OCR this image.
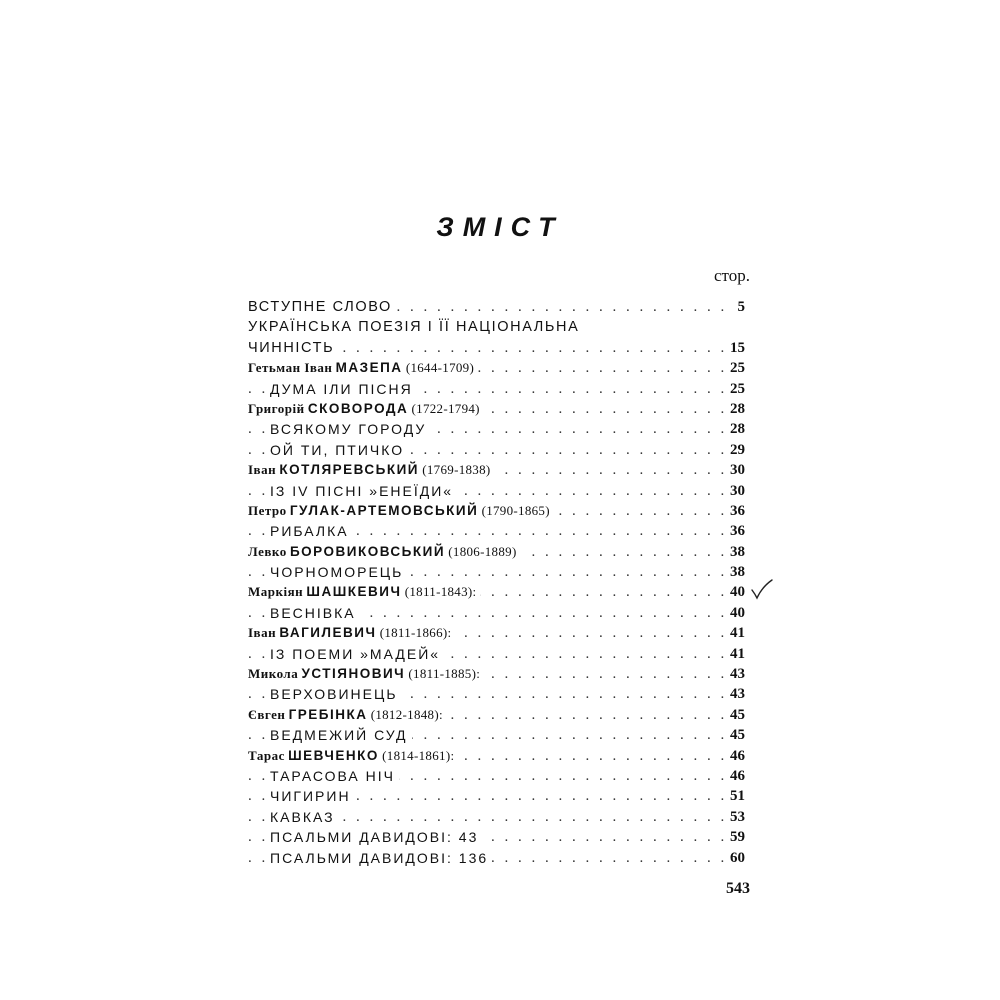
ЗМІСТ
стор.
ВСТУПНЕ СЛОВО . .	5
УКРАЇНСЬКА ПОЕЗІЯ І ЇЇ НАЦІОНАЛЬНА
ЧИННІСТЬ . .	15
Гетьман Іван МАЗЕПА (1644-1709) . .	25
ДУМА ІЛИ ПІСНЯ . .	25
Григорій СКОВОРОДА (1722-1794) . .	28
ВСЯКОМУ ГОРОДУ . .	28
ОЙ ТИ, ПТИЧКО . .	29
Іван КОТЛЯРЕВСЬКИЙ (1769-1838) . .	30
ІЗ IV ПІСНІ »ЕНЕЇДИ« . .	30
Петро ГУЛАК-АРТЕМОВСЬКИЙ (1790-1865) . .	36
РИБАЛКА . .	36
Левко БОРОВИКОВСЬКИЙ (1806-1889) . .	38
ЧОРНОМОРЕЦЬ . .	38
Маркіян ШАШКЕВИЧ (1811-1843): . .	40
ВЕСНІВКА . .	40
Іван ВАГИЛЕВИЧ (1811-1866): . .	41
ІЗ ПОЕМИ »МАДЕЙ« . .	41
Микола УСТІЯНОВИЧ (1811-1885): . .	43
ВЕРХОВИНЕЦЬ . .	43
Євген ГРЕБІНКА (1812-1848): . .	45
ВЕДМЕЖИЙ СУД . .	45
Тарас ШЕВЧЕНКО (1814-1861): . .	46
ТАРАСОВА НІЧ . .	46
ЧИГИРИН . .	51
КАВКАЗ . .	53
ПСАЛЬМИ ДАВИДОВІ: 43 . .	59
ПСАЛЬМИ ДАВИДОВІ: 136 . .	60
543
